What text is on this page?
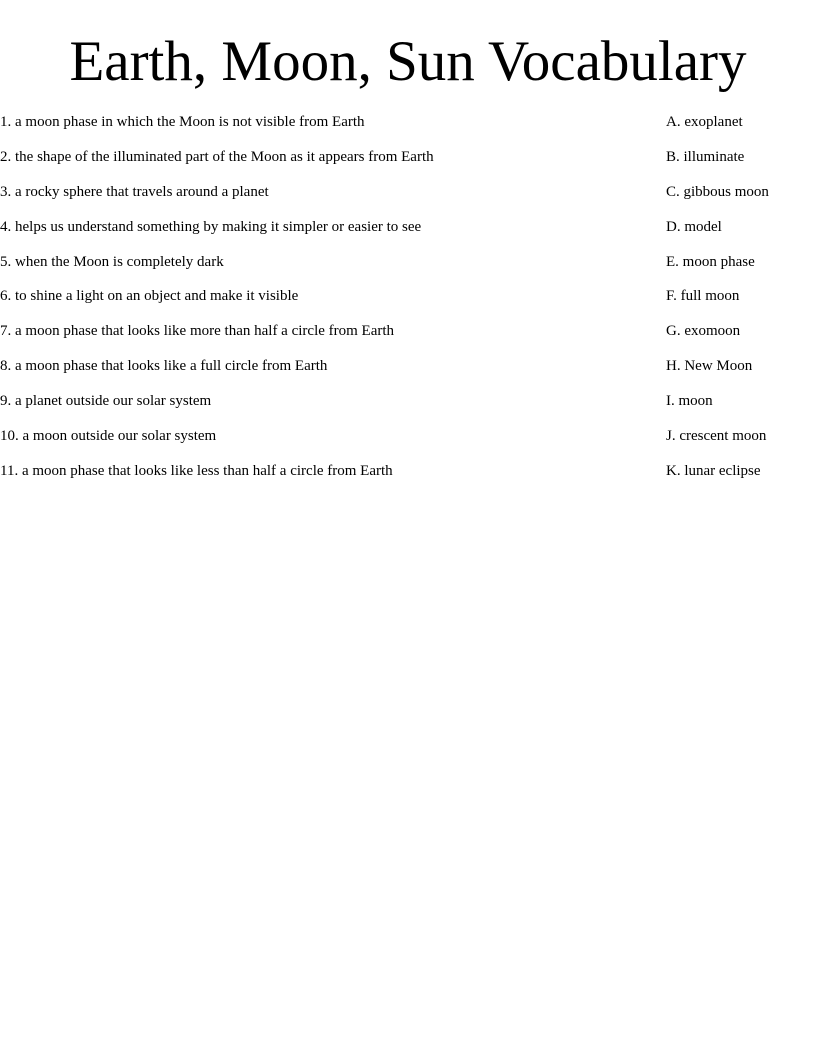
Earth, Moon, Sun Vocabulary
1. a moon phase in which the Moon is not visible from Earth	A. exoplanet
2. the shape of the illuminated part of the Moon as it appears from Earth	B. illuminate
3. a rocky sphere that travels around a planet	C. gibbous moon
4. helps us understand something by making it simpler or easier to see	D. model
5. when the Moon is completely dark	E. moon phase
6. to shine a light on an object and make it visible	F. full moon
7. a moon phase that looks like more than half a circle from Earth	G. exomoon
8. a moon phase that looks like a full circle from Earth	H. New Moon
9. a planet outside our solar system	I. moon
10. a moon outside our solar system	J. crescent moon
11. a moon phase that looks like less than half a circle from Earth	K. lunar eclipse
